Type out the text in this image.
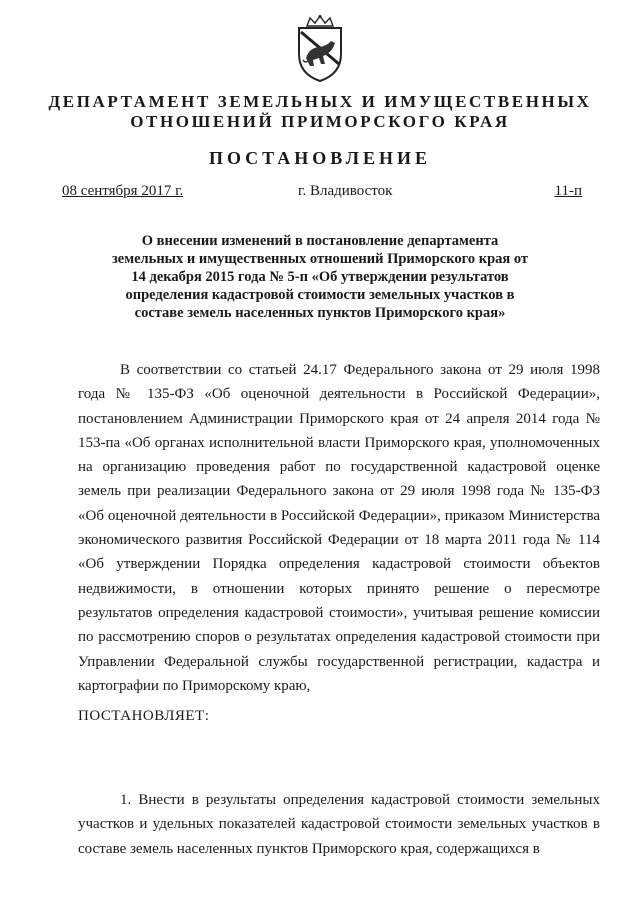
ДЕПАРТАМЕНТ ЗЕМЕЛЬНЫХ И ИМУЩЕСТВЕННЫХ
ОТНОШЕНИЙ ПРИМОРСКОГО КРАЯ
ПОСТАНОВЛЕНИЕ
08 сентября 2017 г.	г. Владивосток	11-п
О внесении изменений в постановление департамента земельных и имущественных отношений Приморского края от 14 декабря 2015 года № 5-п «Об утверждении результатов определения кадастровой стоимости земельных участков в составе земель населенных пунктов Приморского края»
В соответствии со статьей 24.17 Федерального закона от 29 июля 1998 года № 135-ФЗ «Об оценочной деятельности в Российской Федерации», постановлением Администрации Приморского края от 24 апреля 2014 года № 153-па «Об органах исполнительной власти Приморского края, уполномоченных на организацию проведения работ по государственной кадастровой оценке земель при реализации Федерального закона от 29 июля 1998 года № 135-ФЗ «Об оценочной деятельности в Российской Федерации», приказом Министерства экономического развития Российской Федерации от 18 марта 2011 года № 114 «Об утверждении Порядка определения кадастровой стоимости объектов недвижимости, в отношении которых принято решение о пересмотре результатов определения кадастровой стоимости», учитывая решение комиссии по рассмотрению споров о результатах определения кадастровой стоимости при Управлении Федеральной службы государственной регистрации, кадастра и картографии по Приморскому краю,
ПОСТАНОВЛЯЕТ:
1. Внести в результаты определения кадастровой стоимости земельных участков и удельных показателей кадастровой стоимости земельных участков в составе земель населенных пунктов Приморского края, содержащихся в
